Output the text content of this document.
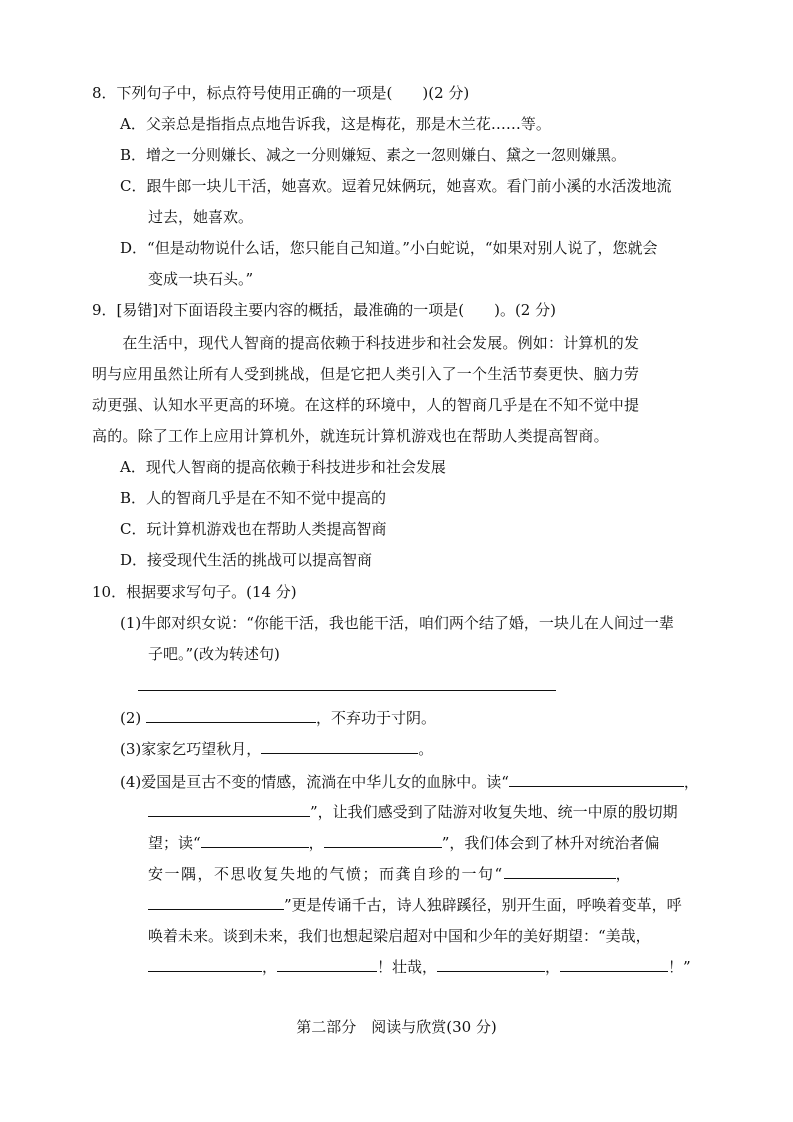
8．下列句子中，标点符号使用正确的一项是(　　)(2 分)
A．父亲总是指指点点地告诉我，这是梅花，那是木兰花……等。
B．增之一分则嫌长、减之一分则嫌短、素之一忽则嫌白、黛之一忽则嫌黑。
C．跟牛郎一块儿干活，她喜欢。逗着兄妹俩玩，她喜欢。看门前小溪的水活泼地流
过去，她喜欢。
D．“但是动物说什么话，您只能自己知道。”小白蛇说，“如果对别人说了，您就会
变成一块石头。”
9．[易错]对下面语段主要内容的概括，最准确的一项是(　　)。(2 分)
　　在生活中，现代人智商的提高依赖于科技进步和社会发展。例如：计算机的发
明与应用虽然让所有人受到挑战，但是它把人类引入了一个生活节奏更快、脑力劳
动更强、认知水平更高的环境。在这样的环境中，人的智商几乎是在不知不觉中提
高的。除了工作上应用计算机外，就连玩计算机游戏也在帮助人类提高智商。
A．现代人智商的提高依赖于科技进步和社会发展
B．人的智商几乎是在不知不觉中提高的
C．玩计算机游戏也在帮助人类提高智商
D．接受现代生活的挑战可以提高智商
10．根据要求写句子。(14 分)
(1)牛郎对织女说：“你能干活，我也能干活，咱们两个结了婚，一块儿在人间过一辈
子吧。”(改为转述句)
(2)	，不弃功于寸阴。
(3)家家乞巧望秋月，	。
(4)爱国是亘古不变的情感，流淌在中华儿女的血脉中。读“	，
”，让我们感受到了陆游对收复失地、统一中原的殷切期
望；读“	，	”，我们体会到了林升对统治者偏
安一隅，不思收复失地的气愤；而龚自珍的一句“	，
”更是传诵千古，诗人独辟蹊径，别开生面，呼唤着变革，呼
唤着未来。谈到未来，我们也想起梁启超对中国和少年的美好期望：“美哉，
，	！壮哉，	，	！”
第二部分　阅读与欣赏(30 分)
